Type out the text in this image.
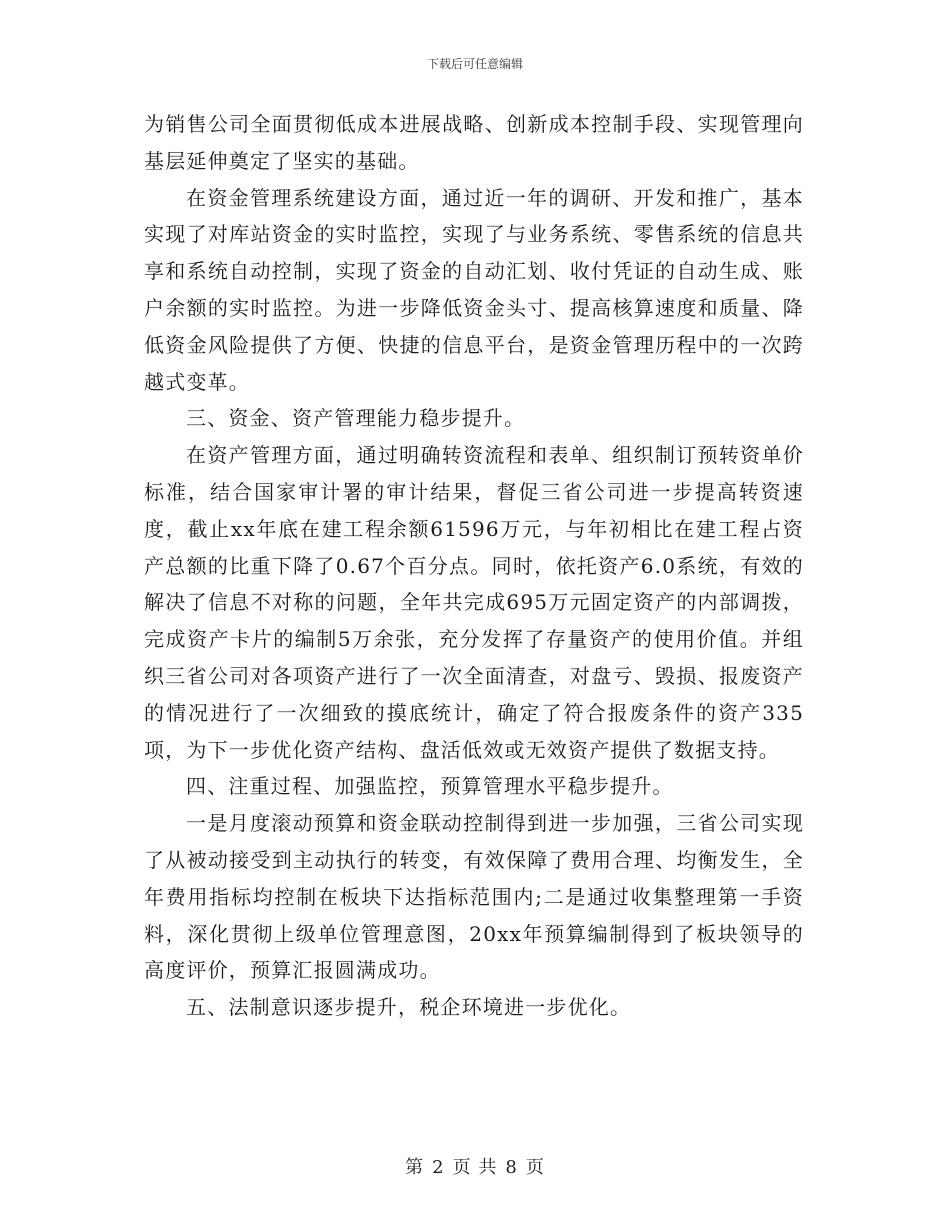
下载后可任意编辑

为销售公司全面贯彻低成本进展战略、创新成本控制手段、实现管理向基层延伸奠定了坚实的基础。

在资金管理系统建设方面，通过近一年的调研、开发和推广，基本实现了对库站资金的实时监控，实现了与业务系统、零售系统的信息共享和系统自动控制，实现了资金的自动汇划、收付凭证的自动生成、账户余额的实时监控。为进一步降低资金头寸、提高核算速度和质量、降低资金风险提供了方便、快捷的信息平台，是资金管理历程中的一次跨越式变革。

三、资金、资产管理能力稳步提升。

在资产管理方面，通过明确转资流程和表单、组织制订预转资单价标准，结合国家审计署的审计结果，督促三省公司进一步提高转资速度，截止xx年底在建工程余额61596万元，与年初相比在建工程占资产总额的比重下降了0.67个百分点。同时，依托资产6.0系统，有效的解决了信息不对称的问题，全年共完成695万元固定资产的内部调拨，完成资产卡片的编制5万余张，充分发挥了存量资产的使用价值。并组织三省公司对各项资产进行了一次全面清查，对盘亏、毁损、报废资产的情况进行了一次细致的摸底统计，确定了符合报废条件的资产335项，为下一步优化资产结构、盘活低效或无效资产提供了数据支持。

四、注重过程、加强监控，预算管理水平稳步提升。

一是月度滚动预算和资金联动控制得到进一步加强，三省公司实现了从被动接受到主动执行的转变，有效保障了费用合理、均衡发生，全年费用指标均控制在板块下达指标范围内;二是通过收集整理第一手资料，深化贯彻上级单位管理意图，20xx年预算编制得到了板块领导的高度评价，预算汇报圆满成功。

五、法制意识逐步提升，税企环境进一步优化。

第 2 页 共 8 页
